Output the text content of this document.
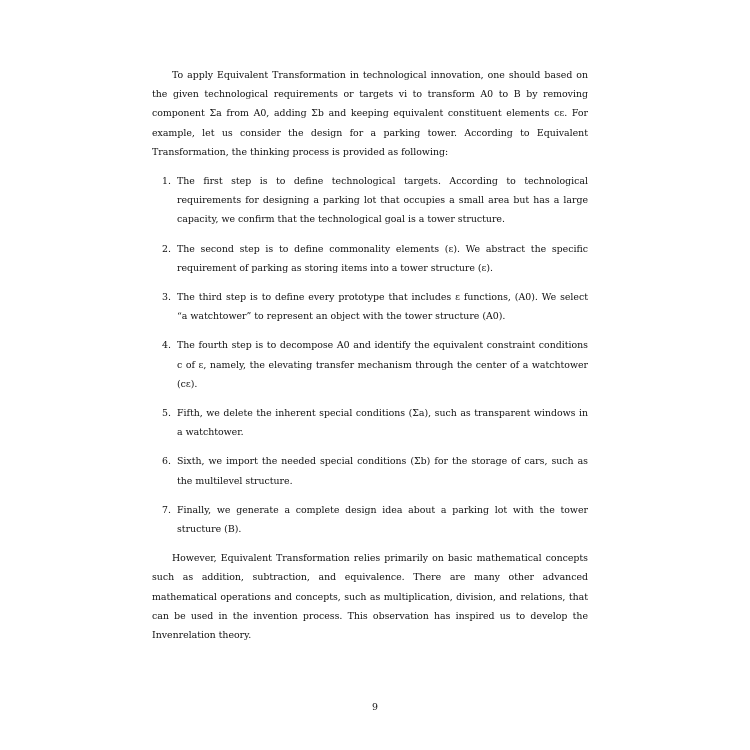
To apply Equivalent Transformation in technological innovation, one should based on the given technological requirements or targets vi to transform A0 to B by removing component Σa from A0, adding Σb and keeping equivalent constituent elements cε. For example, let us consider the design for a parking tower. According to Equivalent Transformation, the thinking process is provided as following:

1. The first step is to define technological targets. According to technological requirements for designing a parking lot that occupies a small area but has a large capacity, we confirm that the technological goal is a tower structure.
2. The second step is to define commonality elements (ε). We abstract the specific requirement of parking as storing items into a tower structure (ε).
3. The third step is to define every prototype that includes ε functions, (A0). We select “a watchtower” to represent an object with the tower structure (A0).
4. The fourth step is to decompose A0 and identify the equivalent constraint conditions c of ε, namely, the elevating transfer mechanism through the center of a watchtower (cε).
5. Fifth, we delete the inherent special conditions (Σa), such as transparent windows in a watchtower.
6. Sixth, we import the needed special conditions (Σb) for the storage of cars, such as the multilevel structure.
7. Finally, we generate a complete design idea about a parking lot with the tower structure (B).

However, Equivalent Transformation relies primarily on basic mathematical concepts such as addition, subtraction, and equivalence. There are many other advanced mathematical operations and concepts, such as multiplication, division, and relations, that can be used in the invention process. This observation has inspired us to develop the Invenrelation theory.

9
